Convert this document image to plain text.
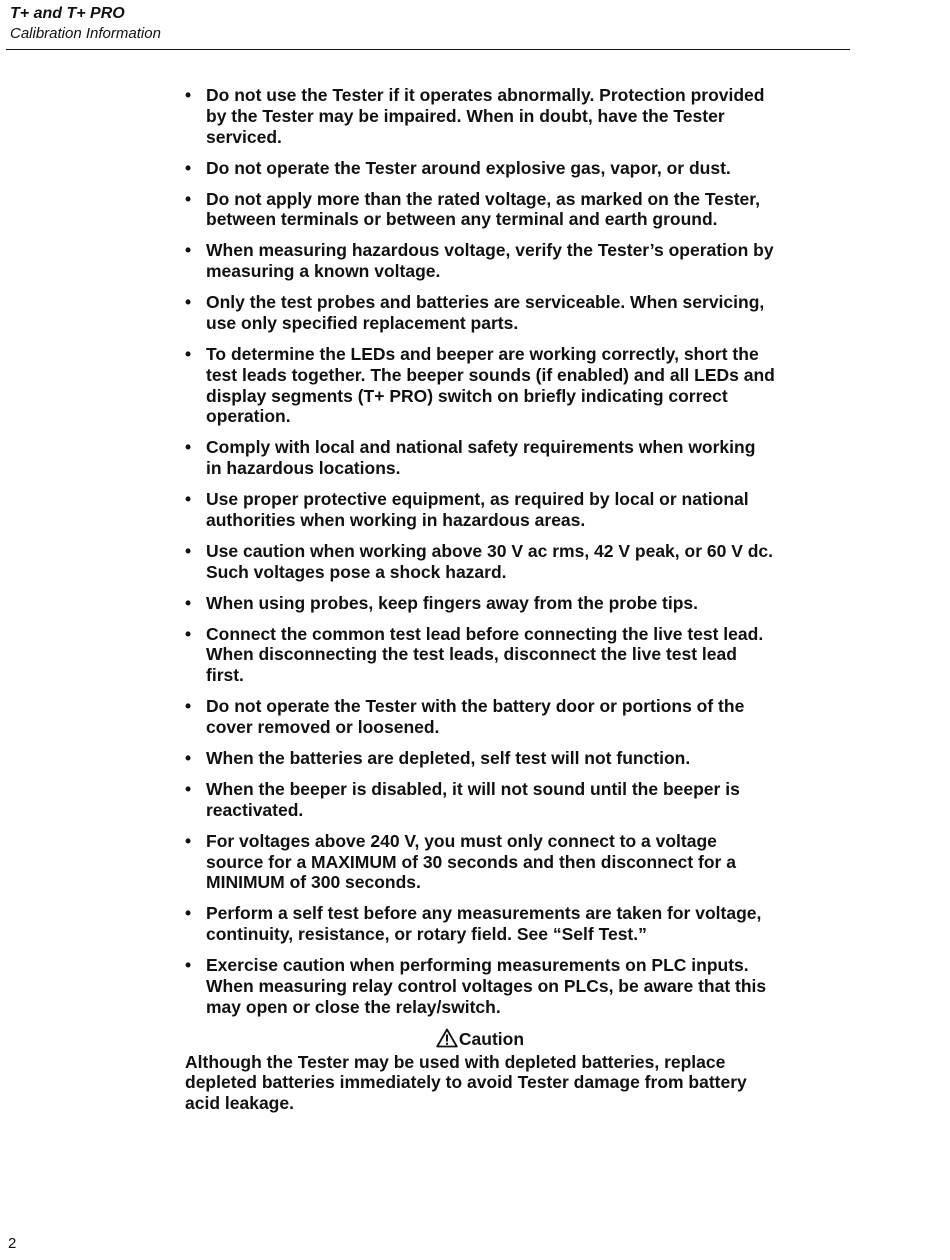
T+ and T+ PRO

Calibration Information

• Do not use the Tester if it operates abnormally. Protection provided by the Tester may be impaired. When in doubt, have the Tester serviced.
• Do not operate the Tester around explosive gas, vapor, or dust.
• Do not apply more than the rated voltage, as marked on the Tester, between terminals or between any terminal and earth ground.
• When measuring hazardous voltage, verify the Tester’s operation by measuring a known voltage.
• Only the test probes and batteries are serviceable. When servicing, use only specified replacement parts.
• To determine the LEDs and beeper are working correctly, short the test leads together. The beeper sounds (if enabled) and all LEDs and display segments (T+ PRO) switch on briefly indicating correct operation.
• Comply with local and national safety requirements when working in hazardous locations.
• Use proper protective equipment, as required by local or national authorities when working in hazardous areas.
• Use caution when working above 30 V ac rms, 42 V peak, or 60 V dc. Such voltages pose a shock hazard.
• When using probes, keep fingers away from the probe tips.
• Connect the common test lead before connecting the live test lead. When disconnecting the test leads, disconnect the live test lead first.
• Do not operate the Tester with the battery door or portions of the cover removed or loosened.
• When the batteries are depleted, self test will not function.
• When the beeper is disabled, it will not sound until the beeper is reactivated.
• For voltages above 240 V, you must only connect to a voltage source for a MAXIMUM of 30 seconds and then disconnect for a MINIMUM of 300 seconds.
• Perform a self test before any measurements are taken for voltage, continuity, resistance, or rotary field. See “Self Test.”
• Exercise caution when performing measurements on PLC inputs. When measuring relay control voltages on PLCs, be aware that this may open or close the relay/switch.
Caution

Although the Tester may be used with depleted batteries, replace depleted batteries immediately to avoid Tester damage from battery acid leakage.

2
